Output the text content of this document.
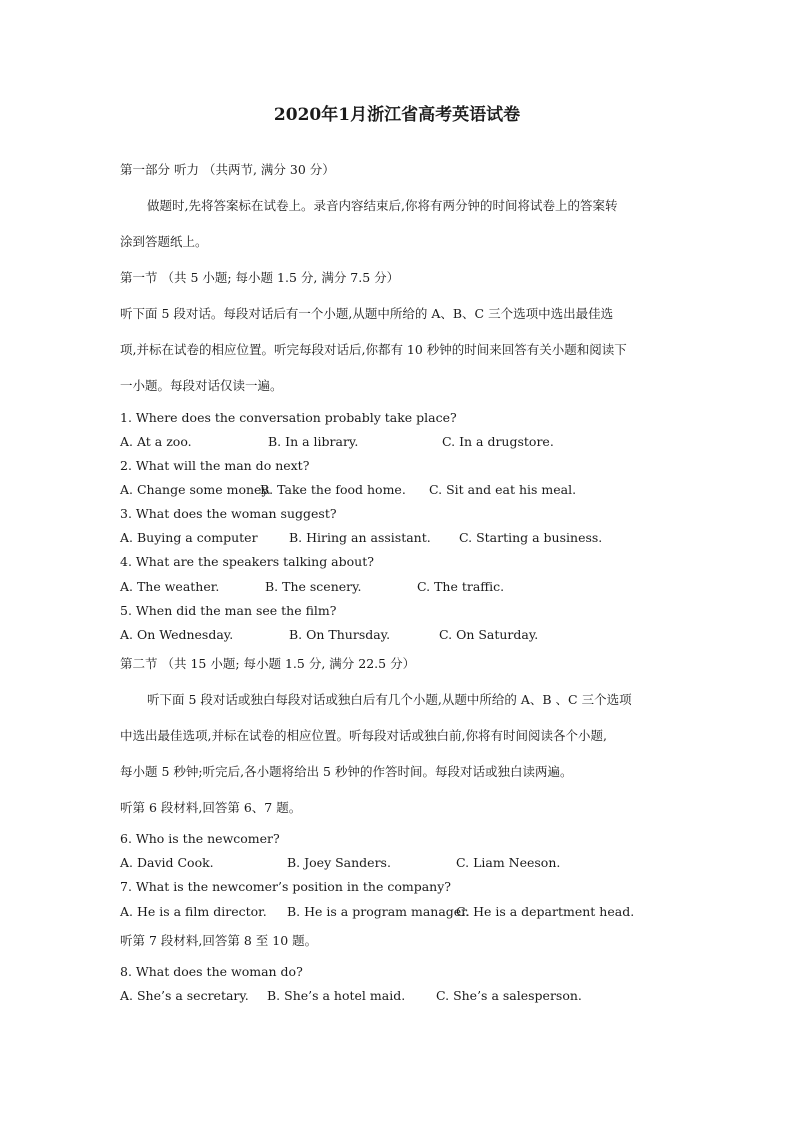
2020年1月浙江省高考英语试卷
第一部分 听力 （共两节, 满分 30 分）
做题时,先将答案标在试卷上。录音内容结束后,你将有两分钟的时间将试卷上的答案转
涂到答题纸上。
第一节 （共 5 小题; 每小题 1.5 分, 满分 7.5 分）
听下面 5 段对话。每段对话后有一个小题,从题中所给的 A、B、C 三个选项中选出最佳选
项,并标在试卷的相应位置。听完每段对话后,你都有 10 秒钟的时间来回答有关小题和阅读下
一小题。每段对话仅读一遍。
1. Where does the conversation probably take place?
A. At a zoo.	B. In a library.	C. In a drugstore.
2. What will the man do next?
A. Change some money.
B. Take the food home. C. Sit and eat his meal.
3. What does the woman suggest?
A. Buying a computer	B. Hiring an assistant. C. Starting a business.
4. What are the speakers talking about?
A. The weather.	B. The scenery.	C. The traffic.
5. When did the man see the film?
A. On Wednesday.	B. On Thursday.	C. On Saturday.
第二节 （共 15 小题; 每小题 1.5 分, 满分 22.5 分）
听下面 5 段对话或独白每段对话或独白后有几个小题,从题中所给的 A、B 、C 三个选项
中选出最佳选项,并标在试卷的相应位置。听每段对话或独白前,你将有时间阅读各个小题,
每小题 5 秒钟;听完后,各小题将给出 5 秒钟的作答时间。每段对话或独白读两遍。
听第 6 段材料,回答第 6、7 题。
6. Who is the newcomer?
A. David Cook.	B. Joey Sanders.	C. Liam Neeson.
7. What is the newcomer’s position in the company?
A. He is a film director. B. He is a program manager.
C. He is a department head.
听第 7 段材料,回答第 8 至 10 题。
8. What does the woman do?
A. She’s a secretary. B. She’s a hotel maid. C. She’s a salesperson.
